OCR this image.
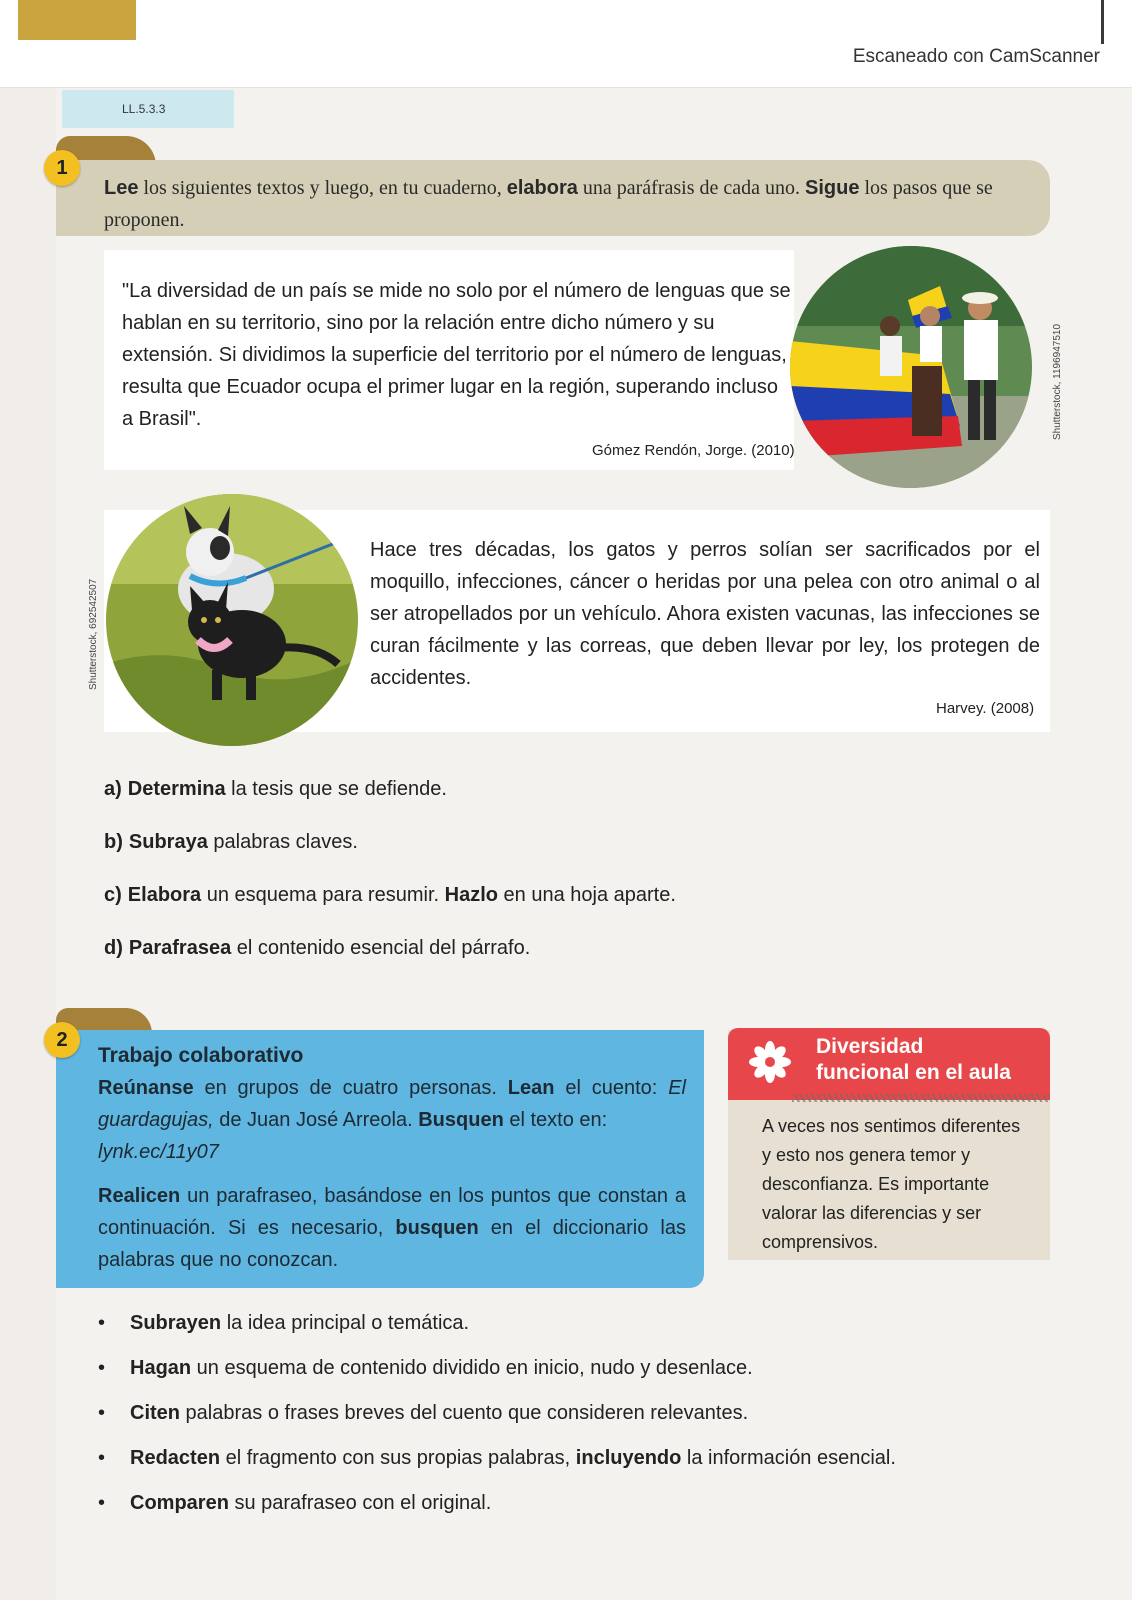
Escaneado con CamScanner
LL.5.3.3
1
Lee los siguientes textos y luego, en tu cuaderno, elabora una paráfrasis de cada uno. Sigue los pasos que se proponen.
"La diversidad de un país se mide no solo por el número de lenguas que se hablan en su territorio, sino por la relación entre dicho número y su extensión. Si dividimos la superficie del territorio por el número de lenguas, resulta que Ecuador ocupa el primer lugar en la región, superando incluso a Brasil".
Gómez Rendón, Jorge. (2010)
Shutterstock, 1196947510
Shutterstock, 692542507
Hace tres décadas, los gatos y perros solían ser sacrificados por el moquillo, infecciones, cáncer o heridas por una pelea con otro animal o al ser atropellados por un vehículo. Ahora existen vacunas, las infecciones se curan fácilmente y las correas, que deben llevar por ley, los protegen de accidentes.
Harvey. (2008)
a) Determina la tesis que se defiende.
b) Subraya palabras claves.
c) Elabora un esquema para resumir. Hazlo en una hoja aparte.
d) Parafrasea el contenido esencial del párrafo.
2
Trabajo colaborativo
Reúnanse en grupos de cuatro personas. Lean el cuento: El guardagujas, de Juan José Arreola. Busquen el texto en:
lynk.ec/11y07
Realicen un parafraseo, basándose en los puntos que constan a continuación. Si es necesario, busquen en el diccionario las palabras que no conozcan.
Diversidad
funcional en el aula
A veces nos sentimos diferentes y esto nos genera temor y desconfianza. Es importante valorar las diferencias y ser comprensivos.
• Subrayen la idea principal o temática.
• Hagan un esquema de contenido dividido en inicio, nudo y desenlace.
• Citen palabras o frases breves del cuento que consideren relevantes.
• Redacten el fragmento con sus propias palabras, incluyendo la información esencial.
• Comparen su parafraseo con el original.
